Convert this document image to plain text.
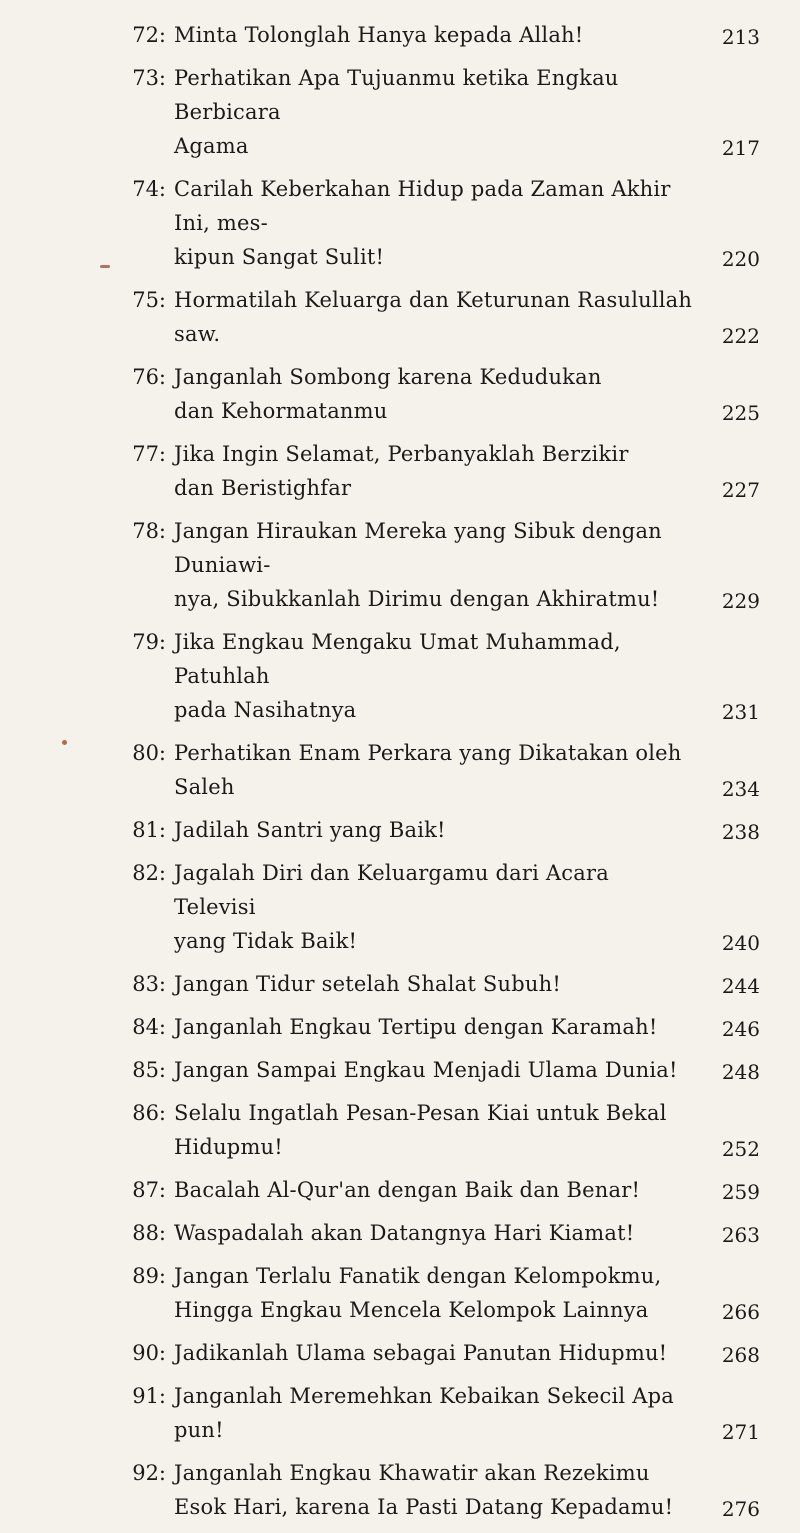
72: Minta Tolonglah Hanya kepada Allah!	213
73: Perhatikan Apa Tujuanmu ketika Engkau Berbicara
Agama	217
74: Carilah Keberkahan Hidup pada Zaman Akhir Ini, mes-
kipun Sangat Sulit!	220
75: Hormatilah Keluarga dan Keturunan Rasulullah saw.	222
76: Janganlah Sombong karena Kedudukan
dan Kehormatanmu	225
77: Jika Ingin Selamat, Perbanyaklah Berzikir
dan Beristighfar	227
78: Jangan Hiraukan Mereka yang Sibuk dengan Duniawi-
nya, Sibukkanlah Dirimu dengan Akhiratmu!	229
79: Jika Engkau Mengaku Umat Muhammad, Patuhlah
pada Nasihatnya	231
80: Perhatikan Enam Perkara yang Dikatakan oleh Saleh	234
81: Jadilah Santri yang Baik!	238
82: Jagalah Diri dan Keluargamu dari Acara Televisi
yang Tidak Baik!	240
83: Jangan Tidur setelah Shalat Subuh!	244
84: Janganlah Engkau Tertipu dengan Karamah!	246
85: Jangan Sampai Engkau Menjadi Ulama Dunia!	248
86: Selalu Ingatlah Pesan-Pesan Kiai untuk Bekal
Hidupmu!	252
87: Bacalah Al-Qur'an dengan Baik dan Benar!	259
88: Waspadalah akan Datangnya Hari Kiamat!	263
89: Jangan Terlalu Fanatik dengan Kelompokmu,
Hingga Engkau Mencela Kelompok Lainnya	266
90: Jadikanlah Ulama sebagai Panutan Hidupmu!	268
91: Janganlah Meremehkan Kebaikan Sekecil Apa pun!	271
92: Janganlah Engkau Khawatir akan Rezekimu
Esok Hari, karena Ia Pasti Datang Kepadamu!	276
